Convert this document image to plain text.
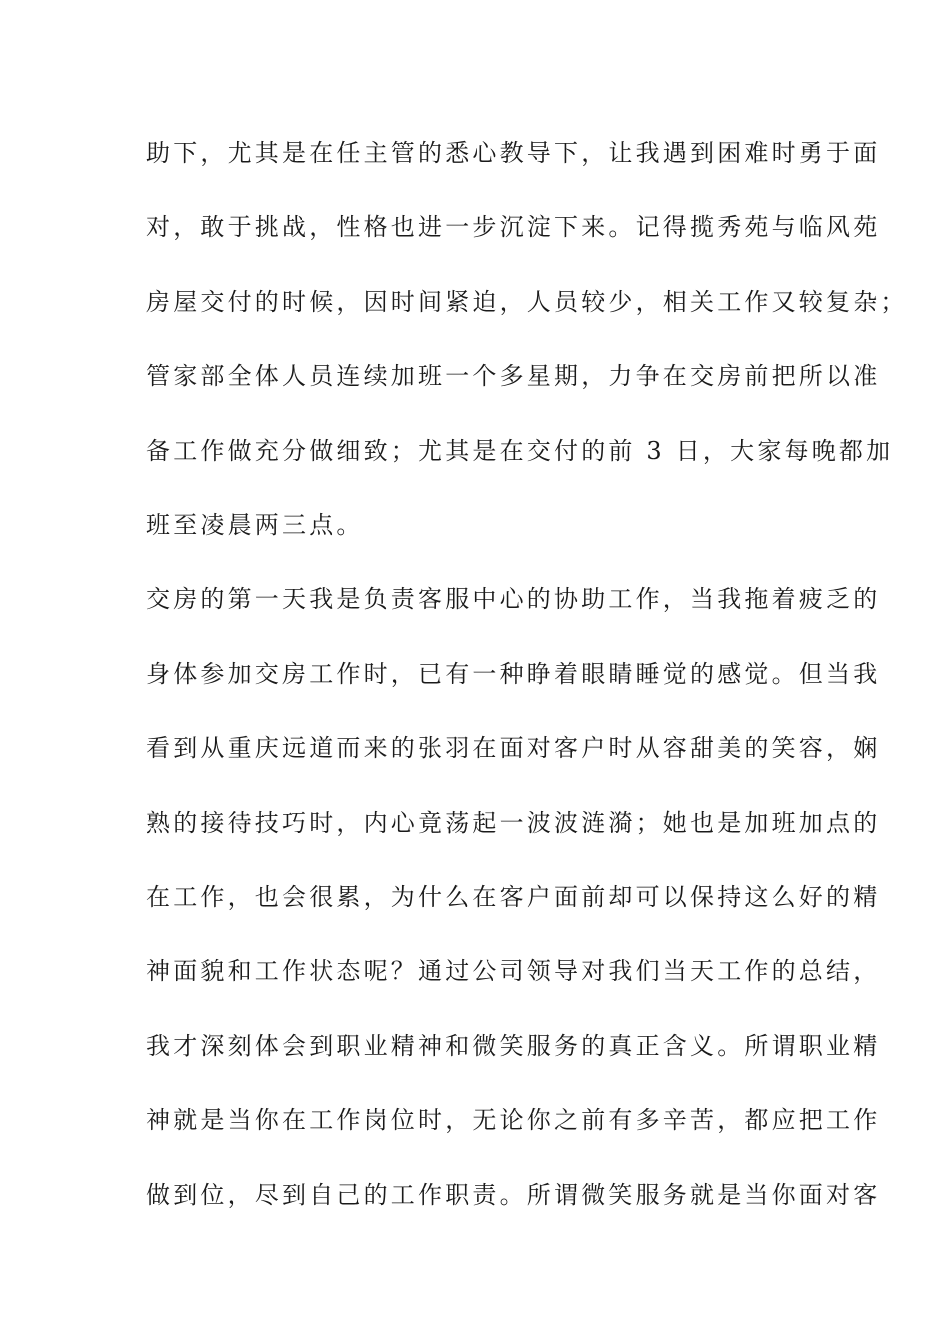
助下，尤其是在任主管的悉心教导下，让我遇到困难时勇于面
对，敢于挑战，性格也进一步沉淀下来。记得揽秀苑与临风苑
房屋交付的时候，因时间紧迫，人员较少，相关工作又较复杂；
管家部全体人员连续加班一个多星期，力争在交房前把所以准
备工作做充分做细致；尤其是在交付的前 3 日，大家每晚都加
班至凌晨两三点。
交房的第一天我是负责客服中心的协助工作，当我拖着疲乏的
身体参加交房工作时，已有一种睁着眼睛睡觉的感觉。但当我
看到从重庆远道而来的张羽在面对客户时从容甜美的笑容，娴
熟的接待技巧时，内心竟荡起一波波涟漪；她也是加班加点的
在工作，也会很累，为什么在客户面前却可以保持这么好的精
神面貌和工作状态呢？通过公司领导对我们当天工作的总结，
我才深刻体会到职业精神和微笑服务的真正含义。所谓职业精
神就是当你在工作岗位时，无论你之前有多辛苦，都应把工作
做到位，尽到自己的工作职责。所谓微笑服务就是当你面对客
